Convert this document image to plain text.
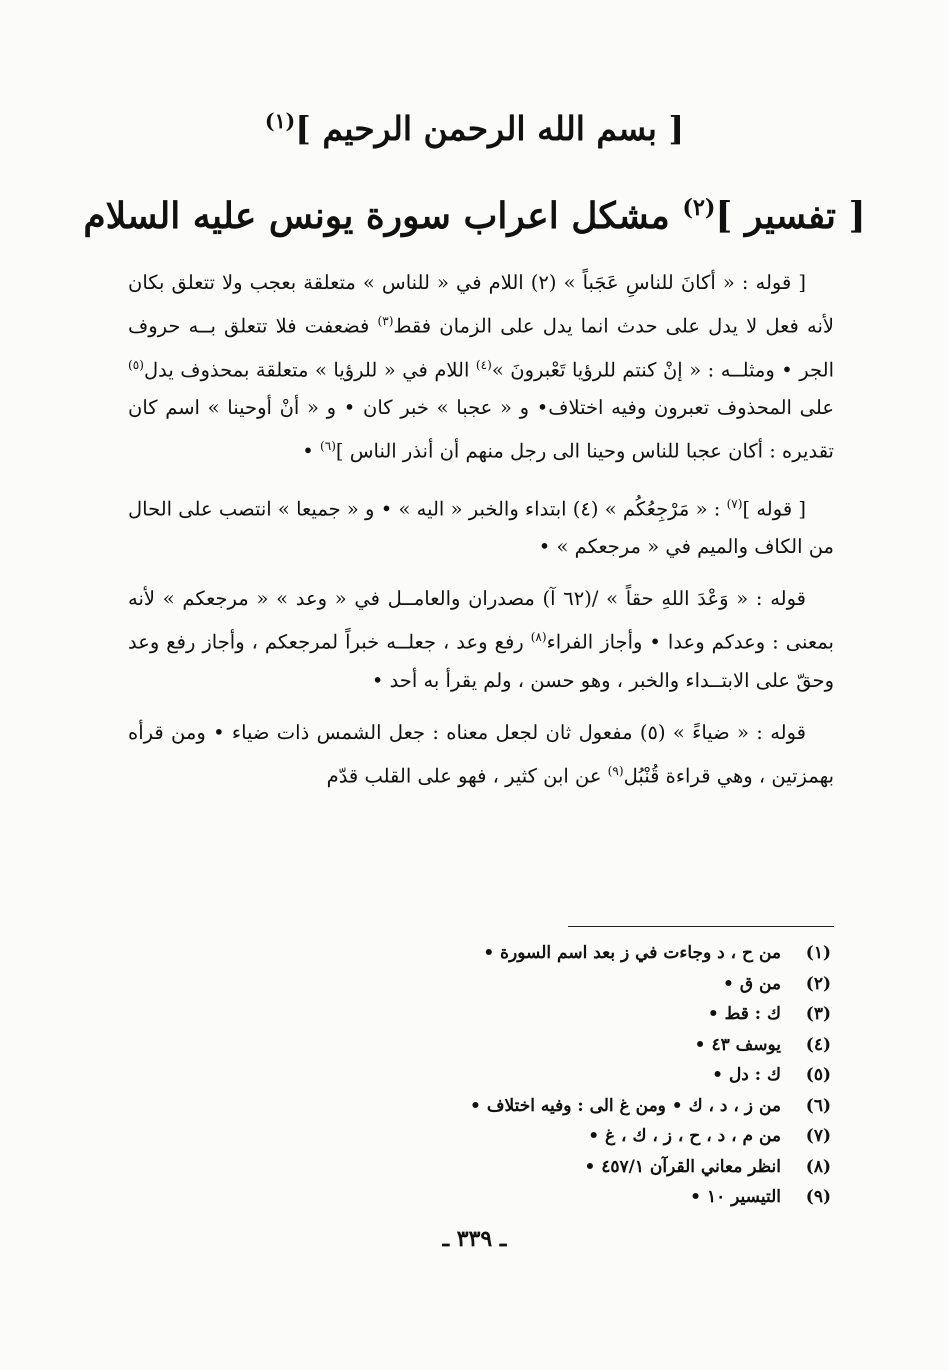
[ بسم الله الرحمن الرحيم ]$^{(١)}$
[ تفسير ]$^{(٢)}$ مشكل اعراب سورة يونس عليه السلام

[ قوله : « أكانَ للناسِ عَجَباً » (٢) اللام في « للناس » متعلقة بعجب ولا تتعلق بكان لأنه فعل لا يدل على حدث انما يدل على الزمان فقط$^{(٣)}$ فضعفت فلا تتعلق بــه حروف الجر • ومثلــه : « إنْ كنتم للرؤيا تَعْبرونَ »$^{(٤)}$ اللام في « للرؤيا » متعلقة بمحذوف يدل$^{(٥)}$ على المحذوف تعبرون وفيه اختلاف• و « عجبا » خبر كان • و « أنْ أوحينا » اسم كان تقديره : أكان عجبا للناس وحينا الى رجل منهم أن أنذر الناس ]$^{(٦)}$ •

[ قوله ]$^{(٧)}$ : « مَرْجِعُكُم » (٤) ابتداء والخبر « اليه » • و « جميعا » انتصب على الحال من الكاف والميم في « مرجعكم » •

قوله : « وَعْدَ اللهِ حقاً » /(٦٢ آ) مصدران والعامــل في « وعد » « مرجعكم » لأنه بمعنى : وعدكم وعدا • وأجاز الفراء$^{(٨)}$ رفع وعد ، جعلــه خبراً لمرجعكم ، وأجاز رفع وعد وحقّ على الابتــداء والخبر ، وهو حسن ، ولم يقرأ به أحد •

قوله : « ضياءً » (٥) مفعول ثان لجعل معناه : جعل الشمس ذات ضياء • ومن قرأه بهمزتين ، وهي قراءة قُنْبُل$^{(٩)}$ عن ابن كثير ، فهو على القلب قدّم

(١)
من ح ، د وجاءت في ز بعد اسم السورة •
(٢)
من ق •
(٣)
ك : قط •
(٤)
يوسف ٤٣ •
(٥)
ك : دل •
(٦)
من ز ، د ، ك • ومن غ الى : وفيه اختلاف •
(٧)
من م ، د ، ح ، ز ، ك ، غ •
(٨)
انظر معاني القرآن ٤٥٧/١ •
(٩)
التيسير ١٠ •
ـ ٣٣٩ ـ
